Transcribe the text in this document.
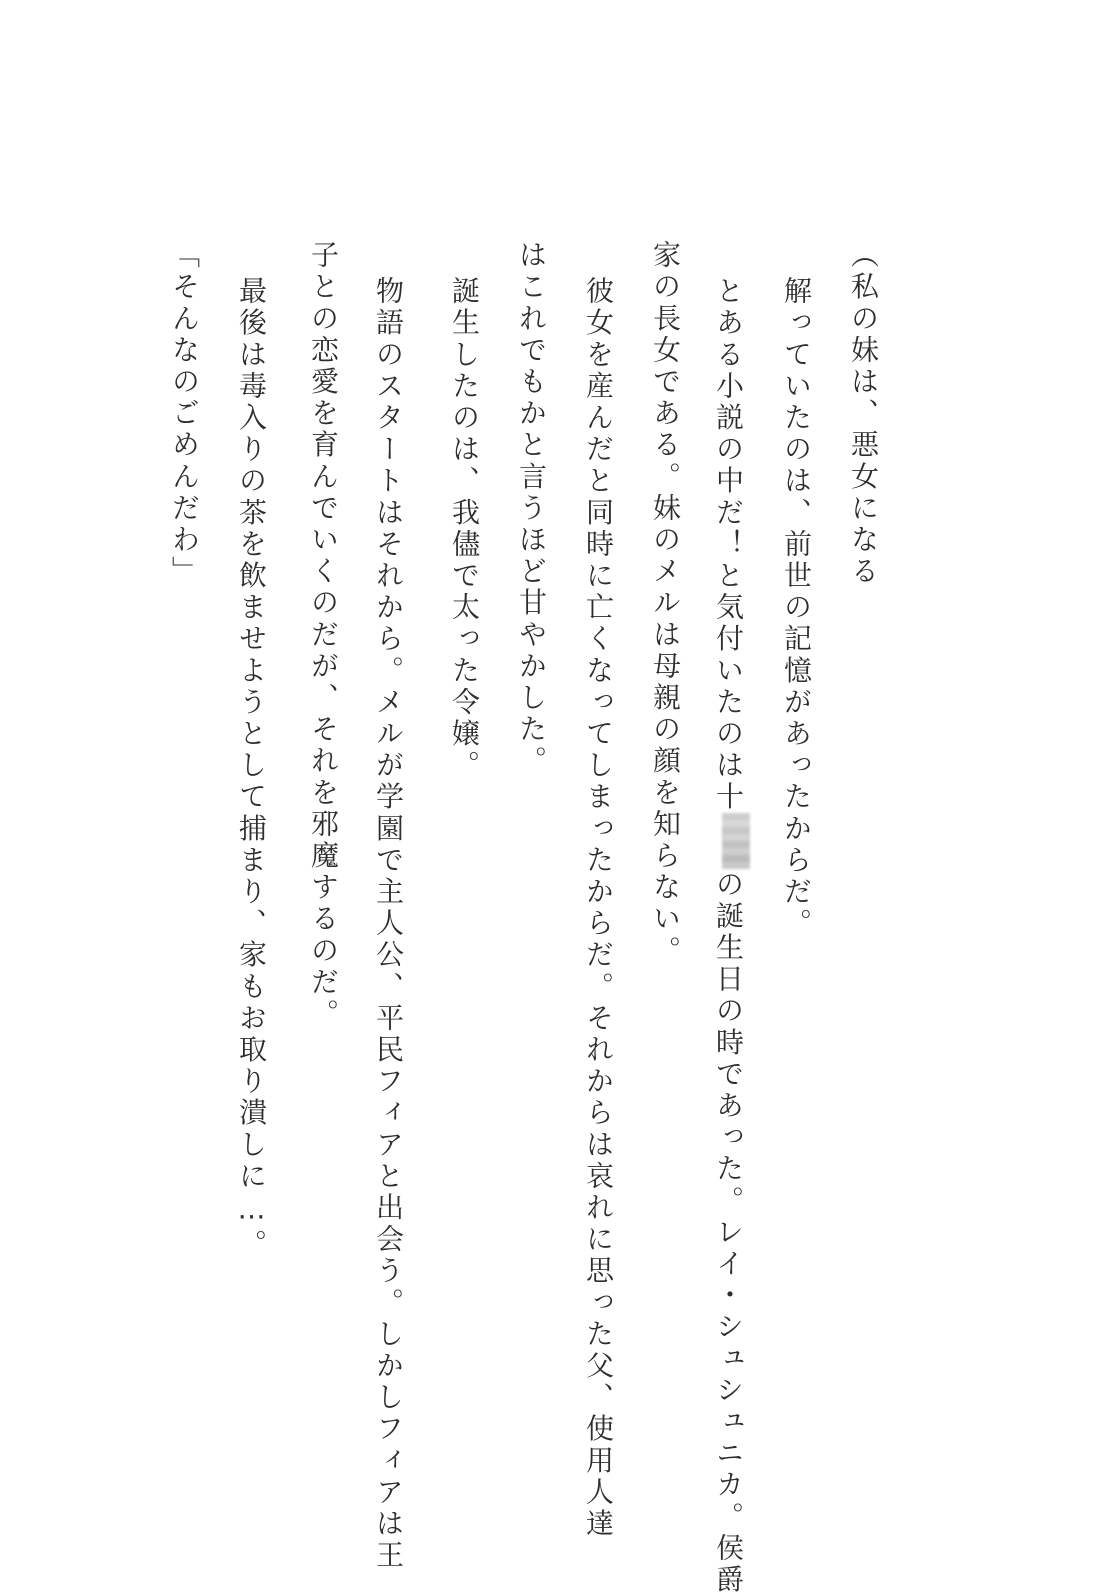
（私の妹は、悪女になる
解っていたのは、前世の記憶があったからだ。
とある小説の中だ！と気付いたのは十の誕生日の時であった。レイ・シュシュニカ。侯爵
家の長女である。妹のメルは母親の顔を知らない。
彼女を産んだと同時に亡くなってしまったからだ。それからは哀れに思った父、使用人達
はこれでもかと言うほど甘やかした。
誕生したのは、我儘で太った令嬢。
物語のスタートはそれから。メルが学園で主人公、平民フィアと出会う。しかしフィアは王
子との恋愛を育んでいくのだが、それを邪魔するのだ。
最後は毒入りの茶を飲ませようとして捕まり、家もお取り潰しに…。
「そんなのごめんだわ」
